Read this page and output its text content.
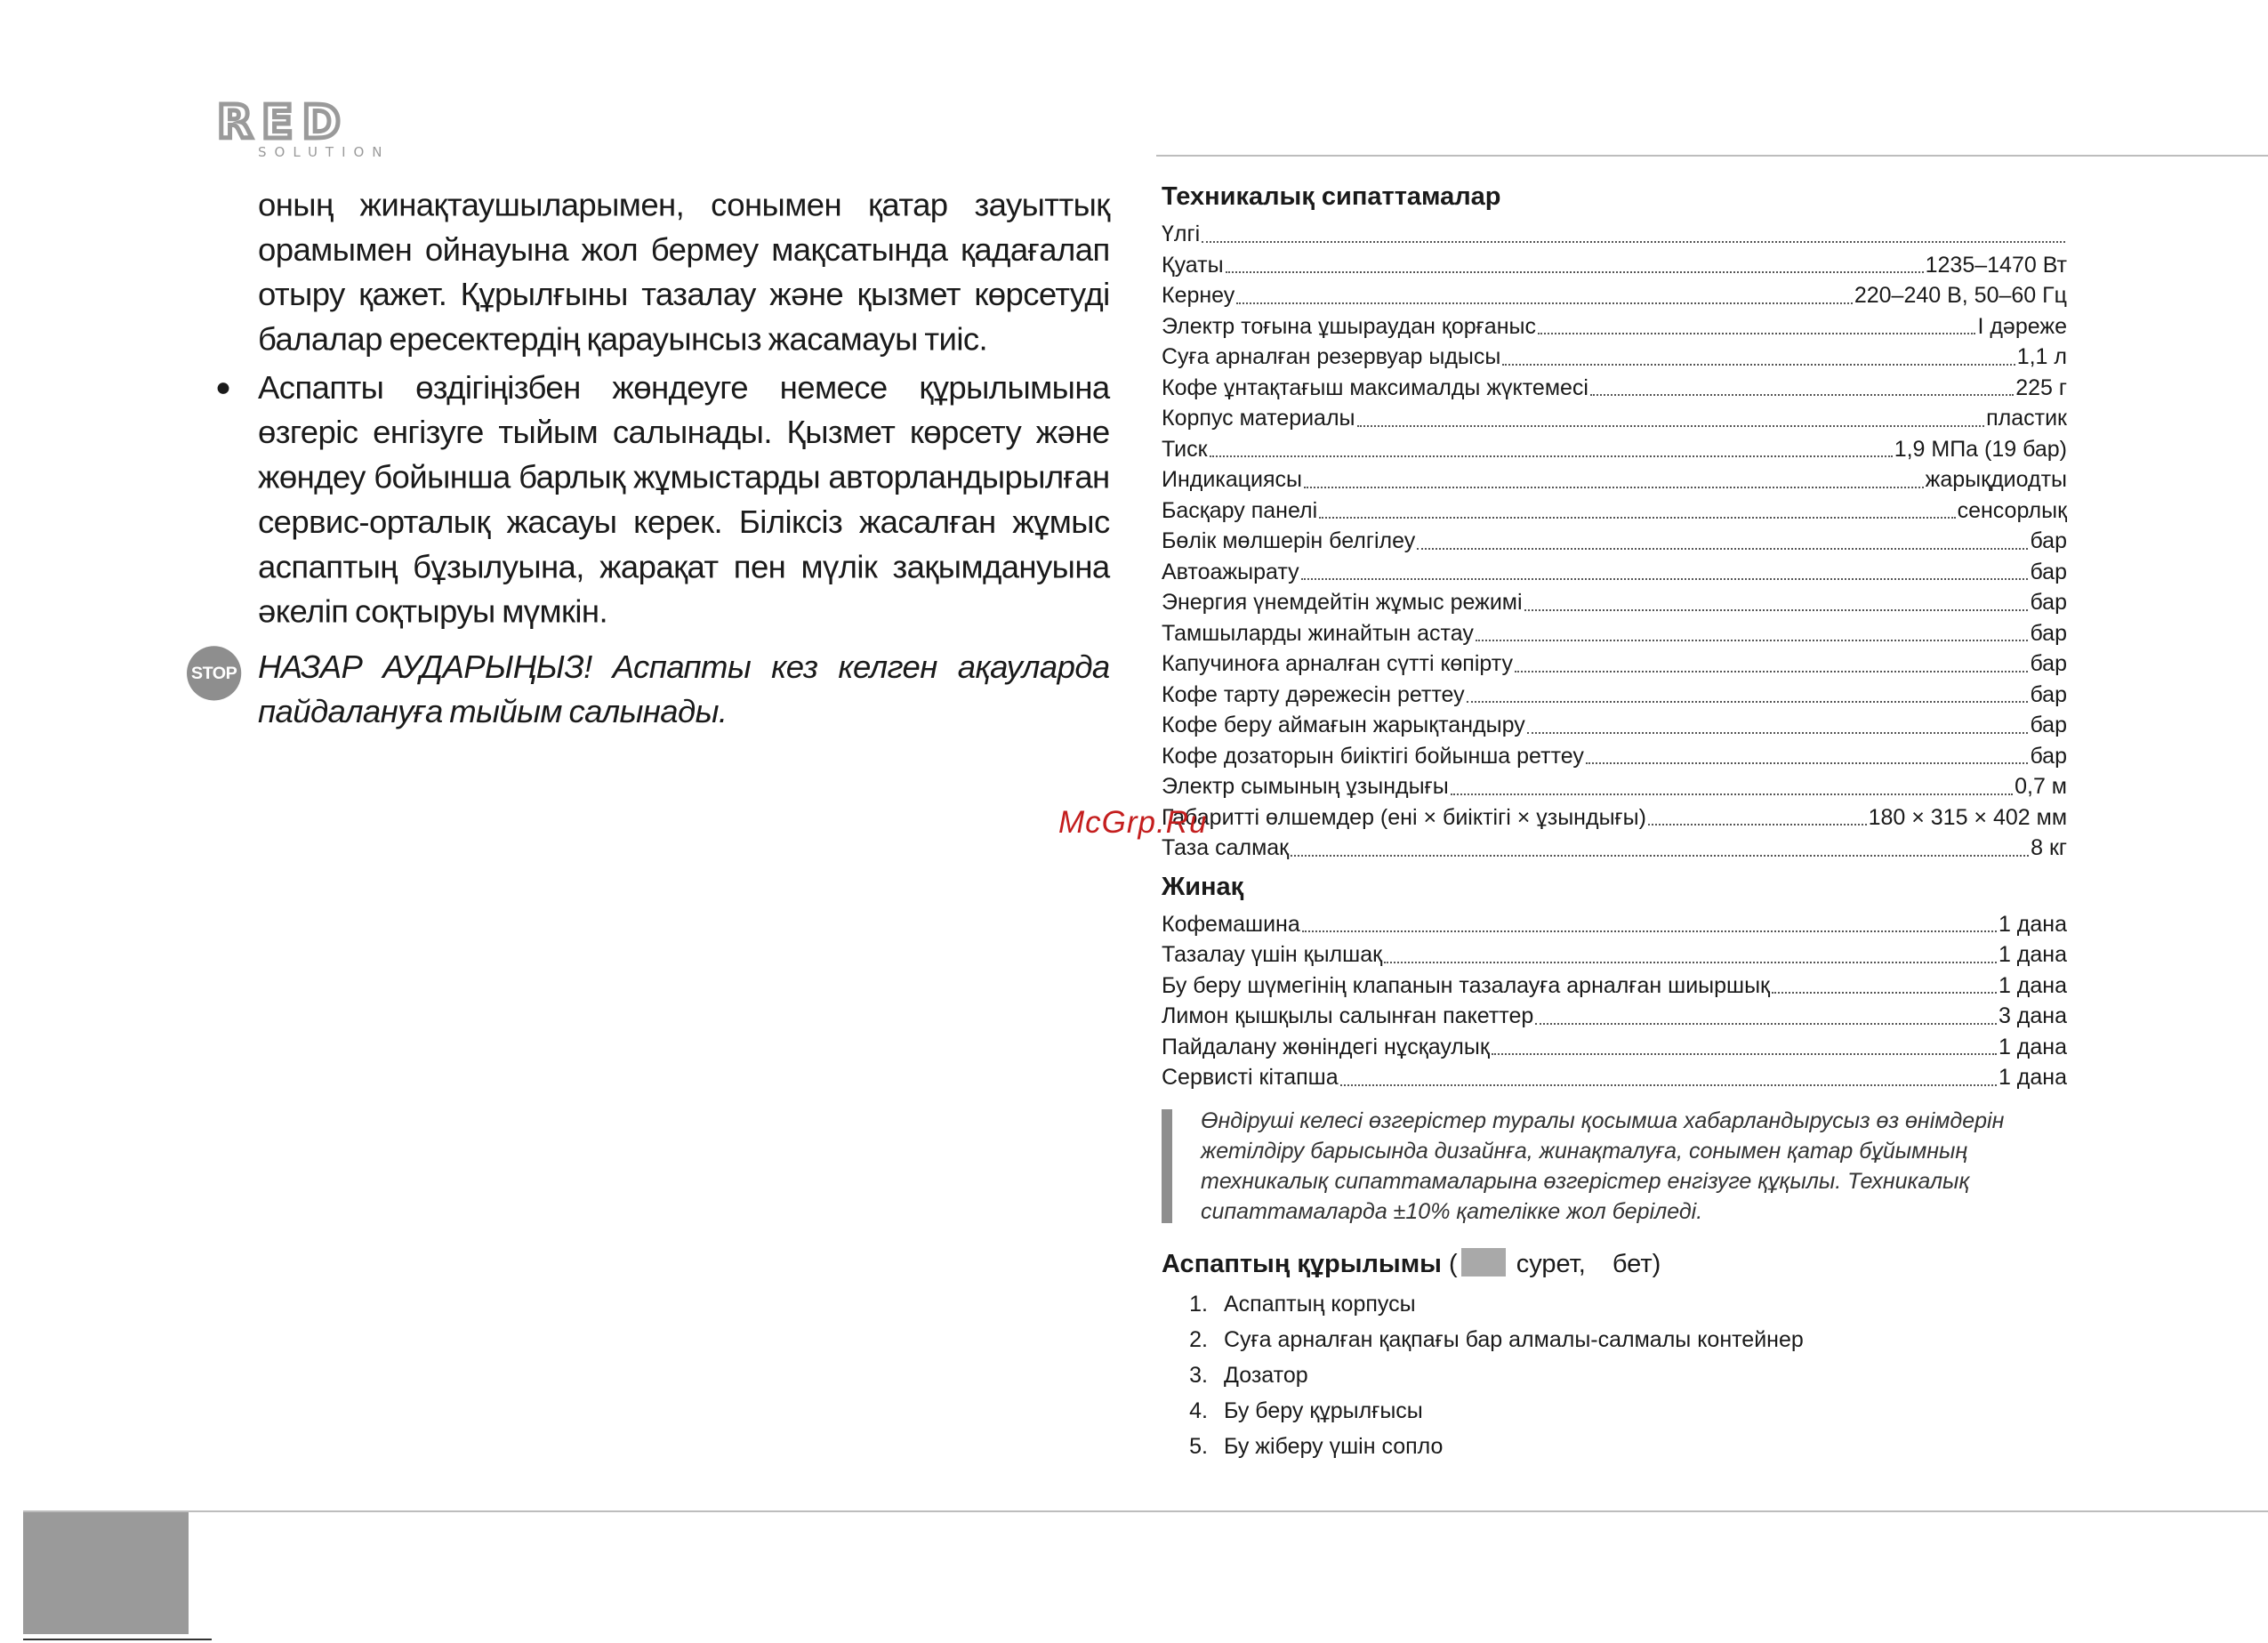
RED
SOLUTION

оның жинақтаушыларымен, сонымен қатар зауыттық орамымен ойнауына жол бермеу мақсатында қадағалап отыру қажет. Құрылғыны тазалау және қызмет көрсетуді балалар ересектердің қарауынсыз жасамауы тиіс.

Аспапты өздігіңізбен жөндеуге немесе құрылымына өзгеріс енгізуге тыйым салынады. Қызмет көрсету және жөндеу бойынша барлық жұмыстарды авторландырылған сервис-орталық жасауы керек. Біліксіз жасалған жұмыс аспаптың бұзылуына, жарақат пен мүлік зақымдануына әкеліп соқтыруы мүмкін.

STOP НАЗАР АУДАРЫҢЫЗ! Аспапты кез келген ақауларда пайдалануға тыйым салынады.

Техникалық сипаттамалар
Үлгі
Қуаты	1235–1470 Вт
Кернеу	220–240 В, 50–60 Гц
Электр тоғына ұшыраудан қорғаныс	I дәреже
Суға арналған резервуар ыдысы	1,1 л
Кофе ұнтақтағыш максималды жүктемесі	225 г
Корпус материалы	пластик
Тиск	1,9 МПа (19 бар)
Индикациясы	жарықдиодты
Басқару панелі	сенсорлық
Бөлік мөлшерін белгілеу	бар
Автоажырату	бар
Энергия үнемдейтін жұмыс режимі	бар
Тамшыларды жинайтын астау	бар
Капучиноға арналған сүтті көпірту	бар
Кофе тарту дәрежесін реттеу	бар
Кофе беру аймағын жарықтандыру	бар
Кофе дозаторын биіктігі бойынша реттеу	бар
Электр сымының ұзындығы	0,7 м
Габаритті өлшемдер (ені × биіктігі × ұзындығы)	180 × 315 × 402 мм
Таза салмақ	8 кг
Жинақ
Кофемашина	1 дана
Тазалау үшін қылшақ	1 дана
Бу беру шүмегінің клапанын тазалауға арналған шиыршық	1 дана
Лимон қышқылы салынған пакеттер	3 дана
Пайдалану жөніндегі нұсқаулық	1 дана
Сервисті кітапша	1 дана
Өндіруші келесі өзгерістер туралы қосымша хабарландырусыз өз өнімдерін жетілдіру барысында дизайнға, жинақталуға, сонымен қатар бұйымның техникалық сипаттамаларына өзгерістер енгізуге құқылы. Техникалық сипаттамаларда ±10% қателікке жол беріледі.
Аспаптың құрылымы ( сурет, бет)
1. Аспаптың корпусы
2. Суға арналған қақпағы бар алмалы-салмалы контейнер
3. Дозатор
4. Бу беру құрылғысы
5. Бу жіберу үшін сопло
McGrp.Ru
